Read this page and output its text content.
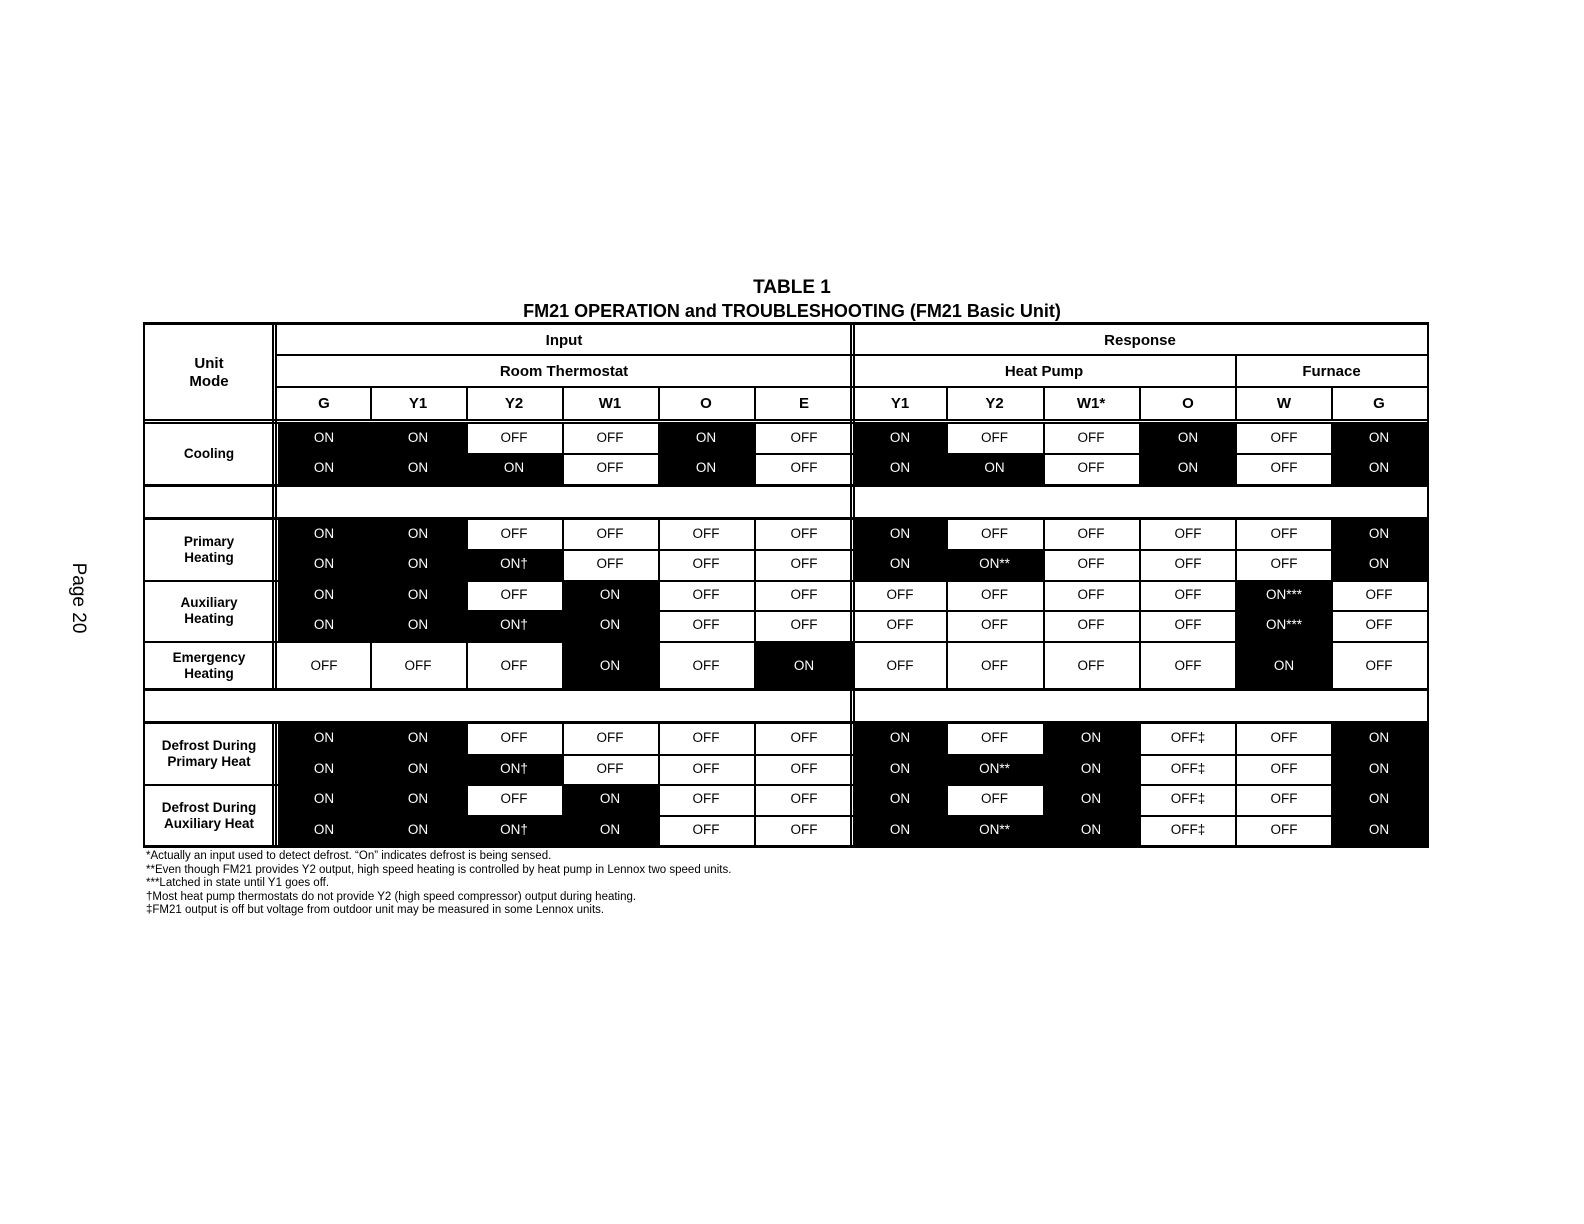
TABLE 1
FM21 OPERATION and TROUBLESHOOTING (FM21 Basic Unit)
Page 20
Unit
Mode
Input	Response
Room Thermostat	Heat Pump	Furnace
G	Y1	Y2	W1	O	E	Y1	Y2	W1*	O	W	G
Cooling
ON	ON	OFF	OFF	ON	OFF	ON	OFF	OFF	ON	OFF	ON
ON	ON	ON	OFF	ON	OFF	ON	ON	OFF	ON	OFF	ON
Primary
Heating
ON	ON	OFF	OFF	OFF	OFF	ON	OFF	OFF	OFF	OFF	ON
ON	ON	ON†	OFF	OFF	OFF	ON	ON**	OFF	OFF	OFF	ON
Auxiliary
Heating
ON	ON	OFF	ON	OFF	OFF	OFF	OFF	OFF	OFF	ON***	OFF
ON	ON	ON†	ON	OFF	OFF	OFF	OFF	OFF	OFF	ON***	OFF
Emergency
Heating	OFF	OFF	OFF	ON	OFF	ON	OFF	OFF	OFF	OFF	ON	OFF
Defrost During
Primary Heat
ON	ON	OFF	OFF	OFF	OFF	ON	OFF	ON	OFF‡	OFF	ON
ON	ON	ON†	OFF	OFF	OFF	ON	ON**	ON	OFF‡	OFF	ON
Defrost During
Auxiliary Heat
ON	ON	OFF	ON	OFF	OFF	ON	OFF	ON	OFF‡	OFF	ON
ON	ON	ON†	ON	OFF	OFF	ON	ON**	ON	OFF‡	OFF	ON
*Actually an input used to detect defrost. “On” indicates defrost is being sensed.
**Even though FM21 provides Y2 output, high speed heating is controlled by heat pump in Lennox two speed units.
***Latched in state until Y1 goes off.
†Most heat pump thermostats do not provide Y2 (high speed compressor) output during heating.
‡FM21 output is off but voltage from outdoor unit may be measured in some Lennox units.
